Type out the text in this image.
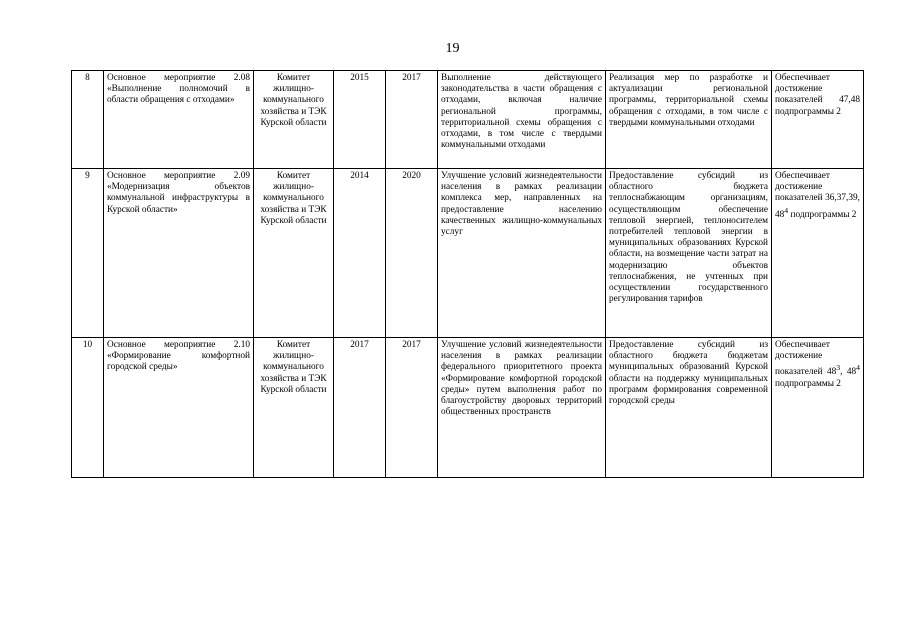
19
8	Основное мероприятие 2.08 «Выполнение полномочий в области обращения с отходами»	Комитет жилищно-коммунального хозяйства и ТЭК Курской области	2015	2017	Выполнение действующего законодательства в части обращения с отходами, включая наличие региональной программы, территориальной схемы обращения с отходами, в том числе с твердыми коммунальными отходами	Реализация мер по разработке и актуализации региональной программы, территориальной схемы обращения с отходами, в том числе с твердыми коммунальными отходами	Обеспечивает достижение показателей 47,48 подпрограммы 2
9	Основное мероприятие 2.09 «Модернизация объектов коммунальной инфраструктуры в Курской области»	Комитет жилищно-коммунального хозяйства и ТЭК Курской области	2014	2020	Улучшение условий жизнедеятельности населения в рамках реализации комплекса мер, направленных на предоставление населению качественных жилищно-коммунальных услуг	Предоставление субсидий из областного бюджета теплоснабжающим организациям, осуществляющим обеспечение тепловой энергией, теплоносителем потребителей тепловой энергии в муниципальных образованиях Курской области, на возмещение части затрат на модернизацию объектов теплоснабжения, не учтенных при осуществлении государственного регулирования тарифов	Обеспечивает достижение показателей 36,37,39, $48^4$ подпрограммы 2
10	Основное мероприятие 2.10 «Формирование комфортной городской среды»	Комитет жилищно-коммунального хозяйства и ТЭК Курской области	2017	2017	Улучшение условий жизнедеятельности населения в рамках реализации федерального приоритетного проекта «Формирование комфортной городской среды» путем выполнения работ по благоустройству дворовых территорий общественных пространств	Предоставление субсидий из областного бюджета бюджетам муниципальных образований Курской области на поддержку муниципальных программ формирования современной городской среды	Обеспечивает достижение показателей $48^3$, $48^4$ подпрограммы 2
